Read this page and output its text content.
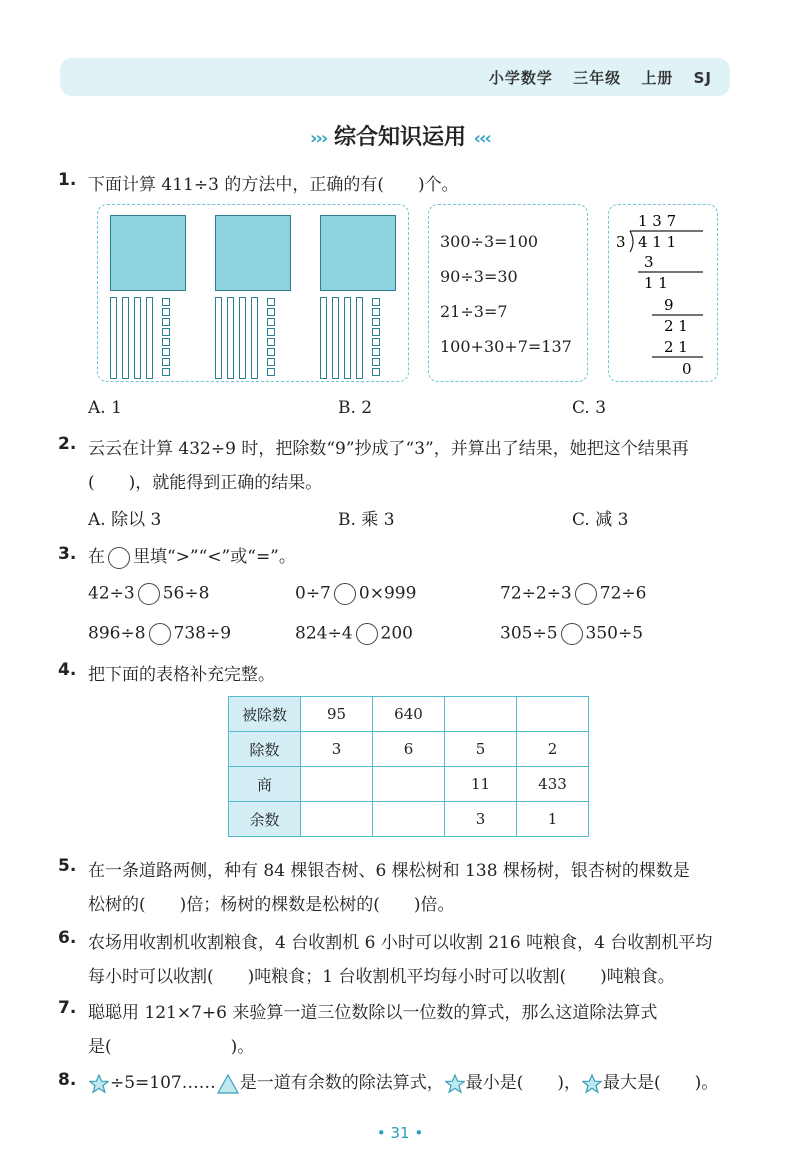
小学数学 三年级 上册 SJ
››› 综合知识运用 ‹‹‹
1. 下面计算 411÷3 的方法中，正确的有(　　)个。
300÷3=100
90÷3=30
21÷3=7
100+30+7=137
1 3 7
3 4 1 1
3
1 1
9
2 1
2 1
0
A. 1	B. 2	C. 3
2. 云云在计算 432÷9 时，把除数“9”抄成了“3”，并算出了结果，她把这个结果再
(　　)，就能得到正确的结果。
A. 除以 3	B. 乘 3	C. 减 3
3. 在 里填“>”“<”或“=”。
42÷3 56÷8	0÷7 0×999	72÷2÷3 72÷6
896÷8 738÷9	824÷4 200	305÷5 350÷5
4. 把下面的表格补充完整。
被除数	95	640		
除数	3	6	5	2
商			11	433
余数			3	1
5. 在一条道路两侧，种有 84 棵银杏树、6 棵松树和 138 棵杨树，银杏树的棵数是
松树的(　　)倍；杨树的棵数是松树的(　　)倍。
6. 农场用收割机收割粮食，4 台收割机 6 小时可以收割 216 吨粮食，4 台收割机平均
每小时可以收割(　　)吨粮食；1 台收割机平均每小时可以收割(　　)吨粮食。
7. 聪聪用 121×7+6 来验算一道三位数除以一位数的算式，那么这道除法算式
是(　　　　　　　)。
8.	÷5=107…… 是一道有余数的除法算式， 最小是(　　)， 最大是(　　)。
• 31 •
